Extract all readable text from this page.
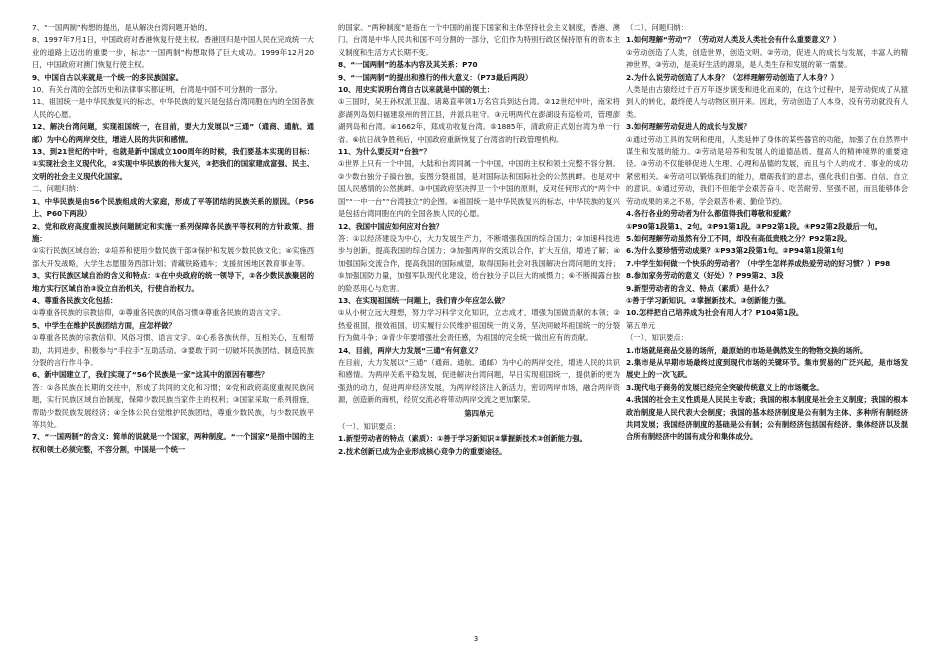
7、“一国两制”构想的提出，是从解决台湾问题开始的。

8、1997年7月1日，中国政府对香港恢复行使主权。香港回归是中国人民在完成统一大业的道路上迈出的重要一步，标志“一国两制”构想取得了巨大成功。1999年12月20日，中国政府对澳门恢复行使主权。

9、中国自古以来就是一个统一的多民族国家。

10、有关台湾的全部历史和法律事实都证明，台湾是中国不可分割的一部分。

11、祖国统一是中华民族复兴的标志，中华民族的复兴是包括台湾同胞在内的全国各族人民的心愿。

12、解决台湾问题，实现祖国统一，在目前，要大力发展以“三通”（通商、通航、通邮）为中心的两岸交往，增进人民的共识和感情。

13、到21世纪的中叶，也就是新中国成立100周年的时候，我们要基本实现的目标：①实现社会主义现代化，②实现中华民族的伟大复兴，③把我们的国家建成富强、民主、文明的社会主义现代化国家。

二、问题归纳：

1、中华民族是由56个民族组成的大家庭，形成了平等团结的民族关系的原因。（P56上、P60下两段）

2、党和政府高度重视民族问题制定和实施一系列保障各民族平等权利的方针政策、措施：

①实行民族区域自治；②培养和使用少数民族干部③保护和发展少数民族文化；④实施西部大开发战略，大学生志愿服务西部计划；青藏铁路通车；支援贫困地区教育事业等。

3、实行民族区域自治的含义和特点：①在中央政府的统一领导下，②各少数民族聚居的地方实行区域自治③设立自治机关，行使自治权力。

4、尊重各民族文化包括：

①尊重各民族的宗教信仰，②尊重各民族的风俗习惯③尊重各民族的语言文字。

5、中学生在维护民族团结方面，应怎样做？

①尊重各民族的宗教信仰、风俗习惯、语言文字。②心系各族伙伴，互相关心，互相帮助，共同进步，积极参与“手拉手”互助活动。③要敢于同一切破坏民族团结、制造民族分裂的言行作斗争。

6、新中国建立了，我们实现了“56个民族是一家”这其中的原因有哪些？

答：①各民族在长期的交往中，形成了共同的文化和习惯；②党和政府高度重视民族问题，实行民族区域自治制度，保障少数民族当家作主的权利；③国家采取一系列措施，帮助少数民族发展经济；④全体公民自觉维护民族团结，尊重少数民族，与少数民族平等共处。

7、“一国两制”的含义：简单的说就是一个国家，两种制度。“一个国家”是指中国的主权和领土必须完整，不容分割，中国是一个统一

的国家。“两种制度”是指在一个中国的前提下国家和主体坚持社会主义制度，香港、澳门、台湾是中华人民共和国不可分割的一部分，它们作为特别行政区保持原有的资本主义制度和生活方式长期不变。

8、“一国两制”的基本内容及其关系：P70

9、“一国两制”的提出和推行的伟大意义：（P73最后两段）

10、用史实说明台湾自古以来就是中国的领土：

①三国时，吴王孙权派卫温、诸葛直率领1万名官兵到达台湾。②12世纪中叶，南宋将澎湖列岛划归福建泉州的晋江县，并派兵驻守。③元明两代在澎湖设有巡检司，管理澎湖列岛和台湾。④1662年，郑成功收复台湾。⑤1885年，清政府正式划台湾为单一行省。⑥抗日战争胜利后，中国政府重新恢复了台湾省的行政管理机构。

11、为什么要反对“台独”？

①世界上只有一个中国，大陆和台湾同属一个中国，中国的主权和领土完整不容分割。②少数台独分子搞台独，妄图分裂祖国，是对国际法和国际社会的公然挑衅。也是对中国人民感情的公然挑衅。③中国政府坚决捍卫一个中国的原则，反对任何形式的“两个中国”“一中一台”“台湾独立”的企图。④祖国统一是中华民族复兴的标志，中华民族的复兴是包括台湾同胞在内的全国各族人民的心愿。

12、我国中国应如何应对台独？

答：①以经济建设为中心，大力发展生产力，不断增强我国的综合国力；②加速科技进步与创新，提高我国的综合国力；③加强两岸的交流以合作，扩大互信，增进了解；④加强国际交流合作，提高我国的国际威望，取得国际社会对我国解决台湾问题的支持；⑤加强国防力量，加强军队现代化建设，给台独分子以巨大的威慑力；⑥不断揭露台独的险恶用心与危害。

13、在实现祖国统一问题上，我们青少年应怎么做？

①从小树立远大理想，努力学习科学文化知识，立志成才，增强为国做贡献的本领；②热爱祖国，报效祖国，切实履行公民维护祖国统一的义务，坚决同破坏祖国统一的分裂行为做斗争；③青少年要增强社会责任感，为祖国的完全统一做出应有的贡献。

14、目前，两岸大力发展“三通”有何意义？

在目前，大力发展以“三通”（通商、通航、通邮）为中心的两岸交往，增进人民的共识和感情。为两岸关系平稳发展，促进解决台湾问题，早日实现祖国统一，提供新的更为强劲的动力，促进两岸经济发展，为两岸经济注入新活力，密切两岸市场，融合两岸资源，创造新的商机，经贸交流必将带动两岸交流之更加繁荣。

第四单元

（一）、知识要点：

1.新型劳动者的特点（素质）：①善于学习新知识②掌握新技术③创新能力强。

2.技术创新已成为企业形成核心竞争力的重要途径。

（二）、问题归纳：

1.如何理解“劳动”？（劳动对人类及人类社会有什么重要意义？）

①劳动创造了人类，创造世界，创造文明。②劳动，促进人的成长与发展，丰富人的精神世界，③劳动，是美好生活的源泉，是人类生存和发展的第一需要。

2.为什么说劳动创造了人本身？（怎样理解劳动创造了人本身？）

人类是由古猿经过千百万年逐步演变和进化而来的，在这个过程中，是劳动促成了从猿到人的转化，最终使人与动物区别开来。因此，劳动创造了人本身，没有劳动就没有人类。

3.如何理解劳动促进人的成长与发展？

①通过劳动工具的发明和使用，人类延伸了身体的某些器官的功能，加强了在自然界中谋生和发展的能力。②劳动是培养和发展人的道德品质、提高人的精神境界的重要途径。③劳动不仅能够促进人生理、心理和品德的发展，而且与个人的成才、事业的成功紧密相关。④劳动可以锻炼我们的能力，磨砺我们的意志，强化我们自强、自信、自立的意识。⑤通过劳动，我们不但能学会艰苦奋斗、吃苦耐劳、坚强不屈，而且能够体会劳动成果的来之不易，学会艰苦朴素、勤俭节约。

4.各行各业的劳动者为什么都值得我们尊敬和爱戴？

①P90第1段第1、2句。②P91第1段。③P92第1段。④P92第2段最后一句。

5.如何理解劳动虽然有分工不同，却没有高低贵贱之分？P92第2段。

6.为什么要珍惜劳动成果？①P93第2段第1句。②P94第1段第1句

7.中学生如何做一个快乐的劳动者？（中学生怎样养成热爱劳动的好习惯？）P98

8.参加家务劳动的意义（好处）？P99第2、3段

9.新型劳动者的含义、特点（素质）是什么？

①善于学习新知识。②掌握新技术。③创新能力强。

10.怎样把自己培养成为社会有用人才？P104第1段。

第五单元

（一）、知识要点：

1.市场就是商品交易的场所，最原始的市场是偶然发生的物物交换的场所。

2.集市是从早期市场最终过度到现代市场的关键环节。集市贸易的广泛兴起，是市场发展史上的一次飞跃。

3.现代电子商务的发展已经完全突破传统意义上的市场概念。

4.我国的社会主义性质是人民民主专政；我国的根本制度是社会主义制度；我国的根本政治制度是人民代表大会制度；我国的基本经济制度是公有制为主体、多种所有制经济共同发展；我国经济制度的基础是公有制；公有制经济包括国有经济、集体经济以及混合所有制经济中的国有成分和集体成分。

3
